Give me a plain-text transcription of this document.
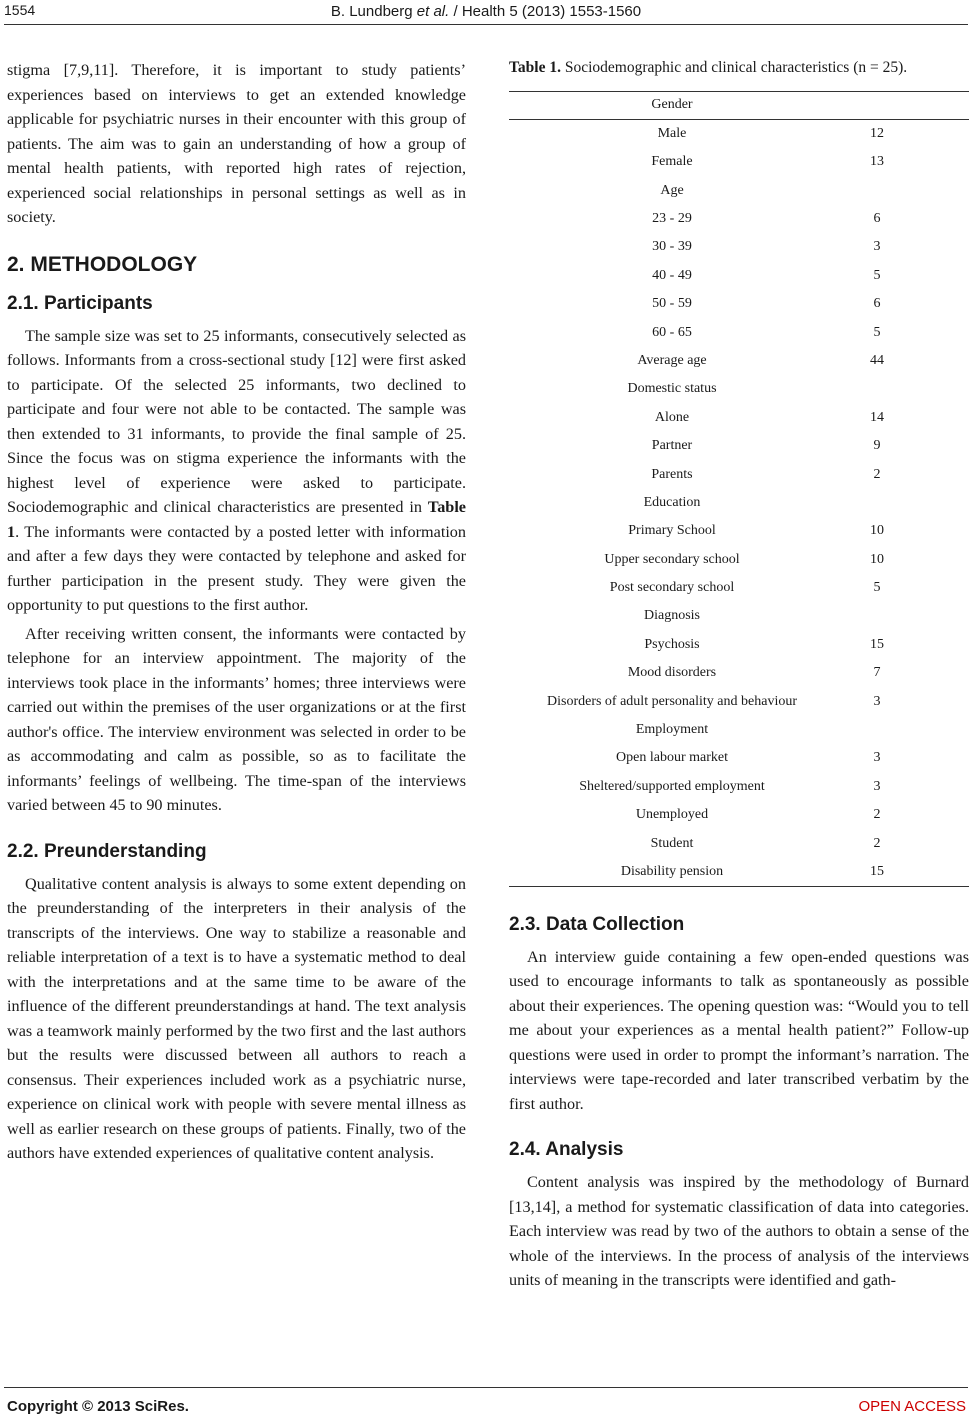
1554	B. Lundberg et al. / Health 5 (2013) 1553-1560

stigma [7,9,11]. Therefore, it is important to study patients’ experiences based on interviews to get an extended knowledge applicable for psychiatric nurses in their encounter with this group of patients. The aim was to gain an understanding of how a group of mental health patients, with reported high rates of rejection, experienced social relationships in personal settings as well as in society.

2. METHODOLOGY
2.1. Participants

The sample size was set to 25 informants, consecutively selected as follows. Informants from a cross-sectional study [12] were first asked to participate. Of the selected 25 informants, two declined to participate and four were not able to be contacted. The sample was then extended to 31 informants, to provide the final sample of 25. Since the focus was on stigma experience the informants with the highest level of experience were asked to participate. Sociodemographic and clinical characteristics are presented in Table 1. The informants were contacted by a posted letter with information and after a few days they were contacted by telephone and asked for further participation in the present study. They were given the opportunity to put questions to the first author.

After receiving written consent, the informants were contacted by telephone for an interview appointment. The majority of the interviews took place in the informants’ homes; three interviews were carried out within the premises of the user organizations or at the first author's office. The interview environment was selected in order to be as accommodating and calm as possible, so as to facilitate the informants’ feelings of wellbeing. The time-span of the interviews varied between 45 to 90 minutes.

2.2. Preunderstanding

Qualitative content analysis is always to some extent depending on the preunderstanding of the interpreters in their analysis of the transcripts of the interviews. One way to stabilize a reasonable and reliable interpretation of a text is to have a systematic method to deal with the interpretations and at the same time to be aware of the influence of the different preunderstandings at hand. The text analysis was a teamwork mainly performed by the two first and the last authors but the results were discussed between all authors to reach a consensus. Their experiences included work as a psychiatric nurse, experience on clinical work with people with severe mental illness as well as earlier research on these groups of patients. Finally, two of the authors have extended experiences of qualitative content analysis.

Table 1. Sociodemographic and clinical characteristics (n = 25).
Gender	
Male	12
Female	13
Age	
23 - 29	6
30 - 39	3
40 - 49	5
50 - 59	6
60 - 65	5
Average age	44
Domestic status	
Alone	14
Partner	9
Parents	2
Education	
Primary School	10
Upper secondary school	10
Post secondary school	5
Diagnosis	
Psychosis	15
Mood disorders	7
Disorders of adult personality and behaviour	3
Employment	
Open labour market	3
Sheltered/supported employment	3
Unemployed	2
Student	2
Disability pension	15
2.3. Data Collection

An interview guide containing a few open-ended questions was used to encourage informants to talk as spontaneously as possible about their experiences. The opening question was: “Would you to tell me about your experiences as a mental health patient?” Follow-up questions were used in order to prompt the informant’s narration. The interviews were tape-recorded and later transcribed verbatim by the first author.

2.4. Analysis

Content analysis was inspired by the methodology of Burnard [13,14], a method for systematic classification of data into categories. Each interview was read by two of the authors to obtain a sense of the whole of the interviews. In the process of analysis of the interviews units of meaning in the transcripts were identified and gath-

Copyright © 2013 SciRes.	OPEN ACCESS
